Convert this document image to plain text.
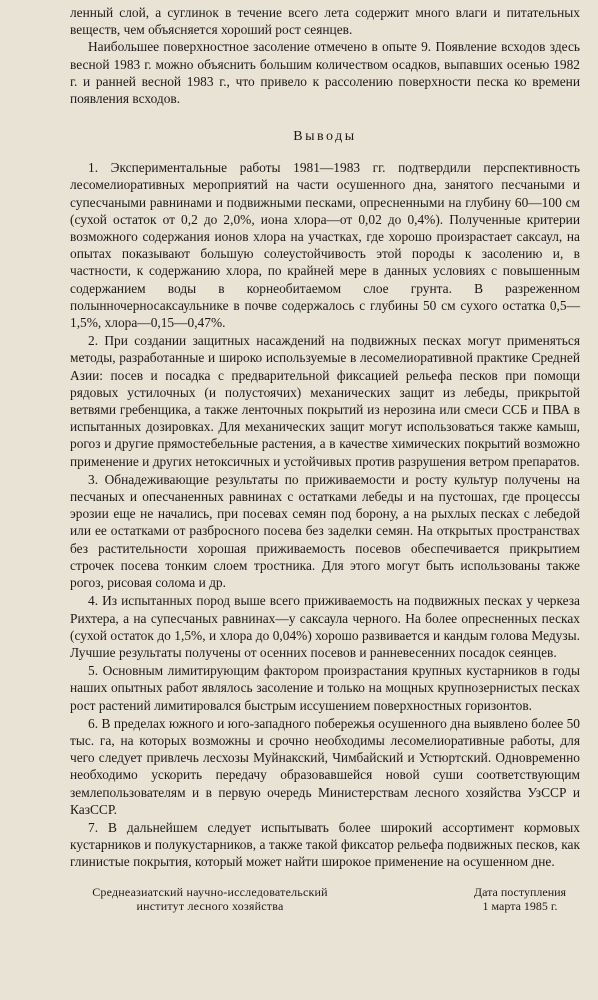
ленный слой, а суглинок в течение всего лета содержит много влаги и питательных веществ, чем объясняется хороший рост сеянцев.

Наибольшее поверхностное засоление отмечено в опыте 9. Появление всходов здесь весной 1983 г. можно объяснить большим количеством осадков, выпавших осенью 1982 г. и ранней весной 1983 г., что привело к рассолению поверхности песка ко времени появления всходов.

Выводы

1. Экспериментальные работы 1981—1983 гг. подтвердили перспективность лесомелиоративных мероприятий на части осушенного дна, занятого песчаными и супесчаными равнинами и подвижными песками, опресненными на глубину 60—100 см (сухой остаток от 0,2 до 2,0%, иона хлора—от 0,02 до 0,4%). Полученные критерии возможного содержания ионов хлора на участках, где хорошо произрастает саксаул, на опытах показывают большую солеустойчивость этой породы к засолению и, в частности, к содержанию хлора, по крайней мере в данных условиях с повышенным содержанием воды в корнеобитаемом слое грунта. В разреженном полынночерносаксаульнике в почве содержалось с глубины 50 см сухого остатка 0,5—1,5%, хлора—0,15—0,47%.

2. При создании защитных насаждений на подвижных песках могут применяться методы, разработанные и широко используемые в лесомелиоративной практике Средней Азии: посев и посадка с предварительной фиксацией рельефа песков при помощи рядовых устилочных (и полустоячих) механических защит из лебеды, прикрытой ветвями гребенщика, а также ленточных покрытий из нерозина или смеси ССБ и ПВА в испытанных дозировках. Для механических защит могут использоваться также камыш, рогоз и другие прямостебельные растения, а в качестве химических покрытий возможно применение и других нетоксичных и устойчивых против разрушения ветром препаратов.

3. Обнадеживающие результаты по приживаемости и росту культур получены на песчаных и опесчаненных равнинах с остатками лебеды и на пустошах, где процессы эрозии еще не начались, при посевах семян под борону, а на рыхлых песках с лебедой или ее остатками от разбросного посева без заделки семян. На открытых пространствах без растительности хорошая приживаемость посевов обеспечивается прикрытием строчек посева тонким слоем тростника. Для этого могут быть использованы также рогоз, рисовая солома и др.

4. Из испытанных пород выше всего приживаемость на подвижных песках у черкеза Рихтера, а на супесчаных равнинах—у саксаула черного. На более опресненных песках (сухой остаток до 1,5%, и хлора до 0,04%) хорошо развивается и кандым голова Медузы. Лучшие результаты получены от осенних посевов и ранневесенних посадок сеянцев.

5. Основным лимитирующим фактором произрастания крупных кустарников в годы наших опытных работ являлось засоление и только на мощных крупнозернистых песках рост растений лимитировался быстрым иссушением поверхностных горизонтов.

6. В пределах южного и юго-западного побережья осушенного дна выявлено более 50 тыс. га, на которых возможны и срочно необходимы лесомелиоративные работы, для чего следует привлечь лесхозы Муйнакский, Чимбайский и Устюртский. Одновременно необходимо ускорить передачу образовавшейся новой суши соответствующим землепользователям и в первую очередь Министерствам лесного хозяйства УзССР и КазССР.

7. В дальнейшем следует испытывать более широкий ассортимент кормовых кустарников и полукустарников, а также такой фиксатор рельефа подвижных песков, как глинистые покрытия, который может найти широкое применение на осушенном дне.

Среднеазиатский научно-исследовательский
институт лесного хозяйства
Дата поступления
1 марта 1985 г.
